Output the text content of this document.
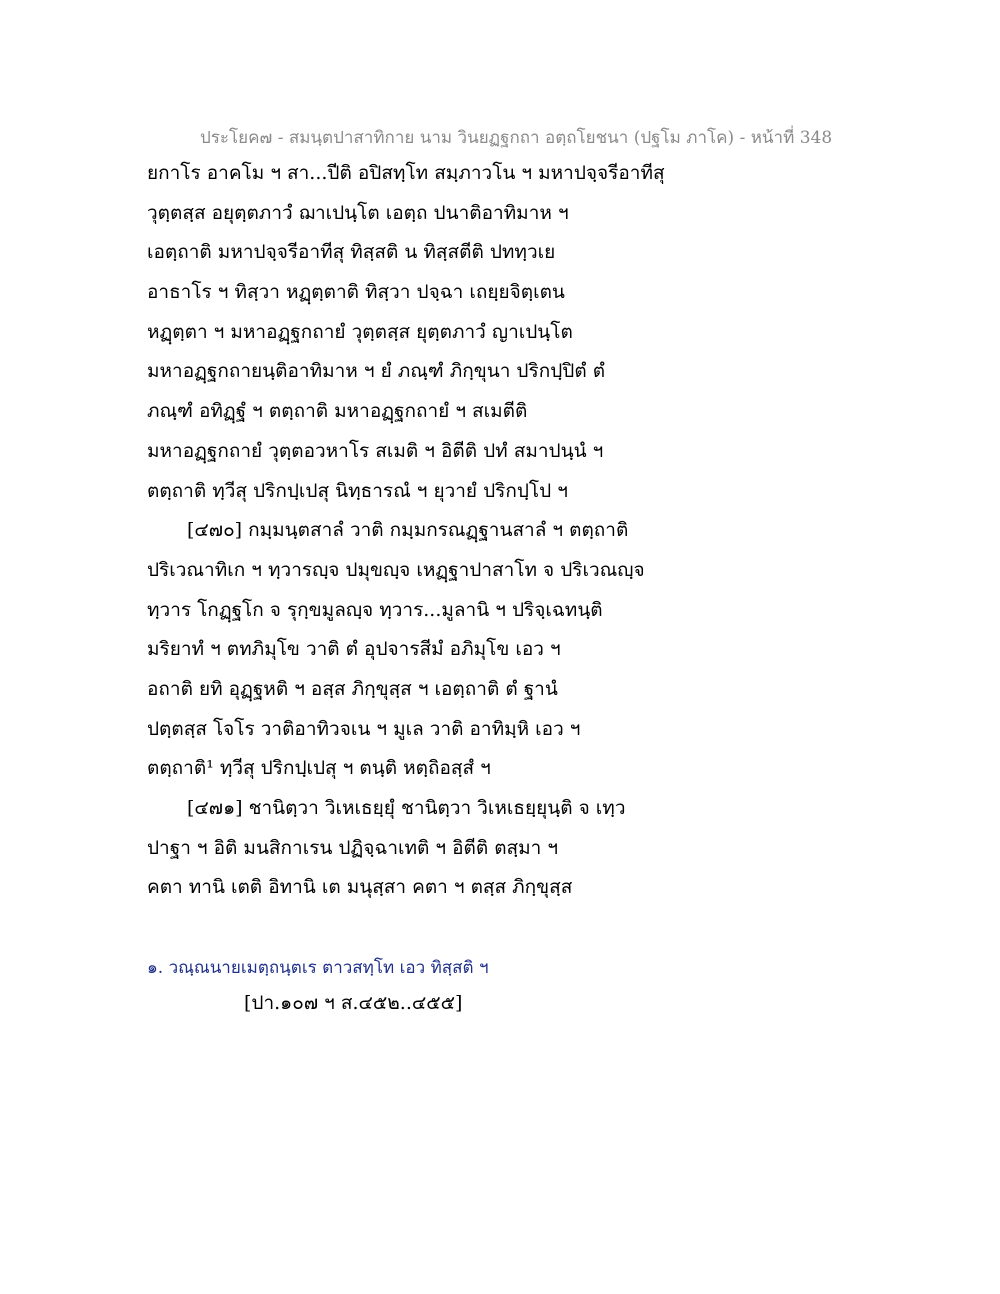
ประโยค๗ - สมนฺตปาสาทิกาย นาม วินยฏฐกถา อตฺถโยชนา (ปฐโม ภาโค) - หน้าที่ 348
ยกาโร อาคโม ฯ สา...ปีติ อปิสทฺโท สมฺภาวโน ฯ มหาปจฺจรีอาทีสุ
วุตฺตสฺส อยุตฺตภาวํ ฌาเปนฺโต เอตฺถ ปนาติอาทิมาห ฯ
เอตฺถาติ มหาปจฺจรีอาทีสุ ทิสฺสติ น ทิสฺสตีติ ปททฺวเย
อาธาโร ฯ ทิสฺวา หฏฺตฺตาติ ทิสฺวา ปจฺฉา เถยฺยจิตฺเตน
หฏฺตฺตา ฯ มหาอฏฺฐกถายํ วุตฺตสฺส ยุตฺตภาวํ ญาเปนฺโต
มหาอฏฺฐกถายนฺติอาทิมาห ฯ ยํ ภณฺฑํ ภิกฺขุนา ปริกปฺปิตํ ตํ
ภณฺฑํ อทิฏฺฐํ ฯ ตตฺถาติ มหาอฏฺฐกถายํ ฯ สเมตีติ
มหาอฏฺฐกถายํ วุตฺตอวหาโร สเมติ ฯ อิตีติ ปทํ สมาปนฺนํ ฯ
ตตฺถาติ ทฺวีสุ ปริกปฺเปสุ นิทฺธารณํ ฯ ยุวายํ ปริกปฺโป ฯ
[๔๗๐] กมฺมนฺตสาลํ วาติ กมฺมกรณฏฺฐานสาลํ ฯ ตตฺถาติ
ปริเวณาทิเก ฯ ทฺวารญฺจ ปมุขญฺจ เหฏฺฐาปาสาโท จ ปริเวณญฺจ
ทฺวาร โกฏฺฐโก จ รุกฺขมูลญฺจ ทฺวาร...มูลานิ ฯ ปริจฺเฉทนฺติ
มริยาทํ ฯ ตทภิมุโข วาติ ตํ อุปจารสีมํ อภิมุโข เอว ฯ
อถาติ ยทิ อุฏฺฐหติ ฯ อสฺส ภิกฺขุสฺส ฯ เอตฺถาติ ตํ ฐานํ
ปตฺตสฺส โจโร วาติอาทิวจเน ฯ มูเล วาติ อาทิมฺหิ เอว ฯ
ตตฺถาติ¹ ทฺวีสุ ปริกปฺเปสุ ฯ ตนฺติ หตฺถิอสฺสํ ฯ
[๔๗๑] ชานิตฺวา วิเหเธยฺยุํ ชานิตฺวา วิเหเธยฺยุนฺติ จ เทฺว
ปาฐา ฯ อิติ มนสิกาเรน ปฏิจฺฉาเทติ ฯ อิตีติ ตสฺมา ฯ
คตา ทานิ เตติ อิทานิ เต มนุสฺสา คตา ฯ ตสฺส ภิกฺขุสฺส
๑. วณฺณนายเมตฺถนฺตเร ตาวสทฺโท เอว ทิสฺสติ ฯ
[ปา.๑๐๗ ฯ ส.๔๕๒..๔๕๕]
